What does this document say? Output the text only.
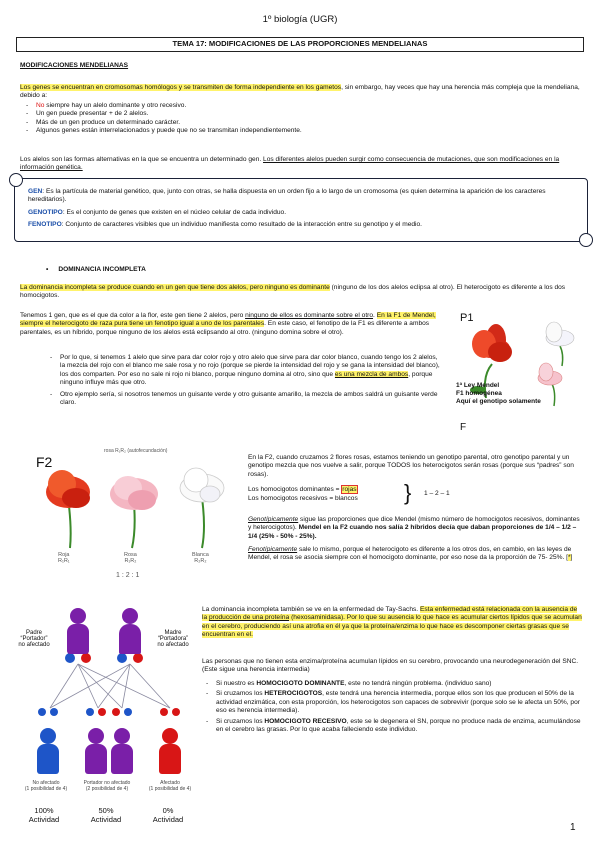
1º biología (UGR)
TEMA 17: MODIFICACIONES DE LAS PROPORCIONES MENDELIANAS
MODIFICACIONES MENDELIANAS
Los genes se encuentran en cromosomas homólogos y se transmiten de forma independiente en los gametos, sin embargo, hay veces que hay una herencia más compleja que la mendeliana, debido a:
- No siempre hay un alelo dominante y otro recesivo.
- Un gen puede presentar + de 2 alelos.
- Más de un gen produce un determinado carácter.
- Algunos genes están interrelacionados y puede que no se transmitan independientemente.
Los alelos son las formas alternativas en la que se encuentra un determinado gen. Los diferentes alelos pueden surgir como consecuencia de mutaciones, que son modificaciones en la información genética.
GEN: Es la partícula de material genético, que, junto con otras, se halla dispuesta en un orden fijo a lo largo de un cromosoma (es quien determina la aparición de los caracteres hereditarios).
GENOTIPO: Es el conjunto de genes que existen en el núcleo celular de cada individuo.
FENOTIPO: Conjunto de caracteres visibles que un individuo manifiesta como resultado de la interacción entre su genotipo y el medio.
• DOMINANCIA INCOMPLETA
La dominancia incompleta se produce cuando en un gen que tiene dos alelos, pero ninguno es dominante (ninguno de los dos alelos eclipsa al otro). El heterocigoto es diferente a los dos homocigotos.
Tenemos 1 gen, que es el que da color a la flor, este gen tiene 2 alelos, pero ninguno de ellos es dominante sobre el otro. En la F1 de Mendel, siempre el heterocigoto de raza pura tiene un fenotipo igual a uno de los parentales. En este caso, el fenotipo de la F1 es diferente a ambos parentales, es un híbrido, porque ninguno de los alelos está eclipsando al otro. (ninguno domina sobre el otro).
- Por lo que, si tenemos 1 alelo que sirve para dar color rojo y otro alelo que sirve para dar color blanco, cuando tengo los 2 alelos, la mezcla del rojo con el blanco me sale rosa y no rojo (porque se pierde la intensidad del rojo y se gana la intensidad del blanco), los dos comparten. Por eso no sale ni rojo ni blanco, porque ninguno domina al otro, sino que es una mezcla de ambos, porque ninguno influye más que otro.
- Otro ejemplo sería, si nosotros tenemos un guisante verde y otro guisante amarillo, la mezcla de ambos saldrá un guisante verde claro.
P1
1ª Ley Mendel
F1 homogénea
Aquí el genotipo solamente
F
F2
rosa R₁R₂ (autofecundación)
Roja
R₁R₁
Rosa
R₁R₂
Blanca
R₂R₂
1 : 2 : 1
En la F2, cuando cruzamos 2 flores rosas, estamos teniendo un genotipo parental, otro genotipo parental y un genotipo mezcla que nos vuelve a salir, porque TODOS los heterocigotos serán rosas (porque sus “padres” son rosas).
Los homocigotos dominantes = rojas
Los homocigotos recesivos = blancos } 1 – 2 – 1
Genotípicamente sigue las proporciones que dice Mendel (mismo número de homocigotos recesivos, dominantes y heterocigotos). Mendel en la F2 cuando nos salía 2 híbridos decía que daban proporciones de 1/4 – 1/2 – 1/4 (25% - 50% - 25%).
Fenotípicamente sale lo mismo, porque el heterocigoto es diferente a los otros dos, en cambio, en las leyes de Mendel, el rosa se asocia siempre con el homocigoto dominante, por eso nose da la proporción de 75- 25%. [*]
Padre
“Portador”
no afectado
Madre
“Portadora”
no afectado
No afectado
(1 posibilidad de 4)
Portador no afectado
(2 posibilidad de 4)
Afectado
(1 posibilidad de 4)
100%
Actividad
50%
Actividad
0%
Actividad
La dominancia incompleta también se ve en la enfermedad de Tay-Sachs. Esta enfermedad está relacionada con la ausencia de la producción de una proteína (hexosaminidasa). Por lo que su ausencia lo que hace es acumular ciertos lípidos que se acumulan en el cerebro, produciendo así una atrofia en él ya que la proteína/enzima lo que hace es descomponer ciertas grasas que se encuentran en el.
Las personas que no tienen esta enzima/proteína acumulan lípidos en su cerebro, provocando una neurodegeneración del SNC. (Este sigue una herencia intermedia)
- Si nuestro es HOMOCIGOTO DOMINANTE, este no tendrá ningún problema. (individuo sano)
- Si cruzamos los HETEROCIGOTOS, este tendrá una herencia intermedia, porque ellos son los que producen el 50% de la actividad enzimática, con esta proporción, los heterocigotos son capaces de sobrevivir (porque solo se le afecta un 50%, por eso es herencia intermedia).
- Si cruzamos los HOMOCIGOTO RECESIVO, este se le degenera el SN, porque no produce nada de enzima, acumulándose en el cerebro las grasas. Por lo que acaba falleciendo este individuo.
1
